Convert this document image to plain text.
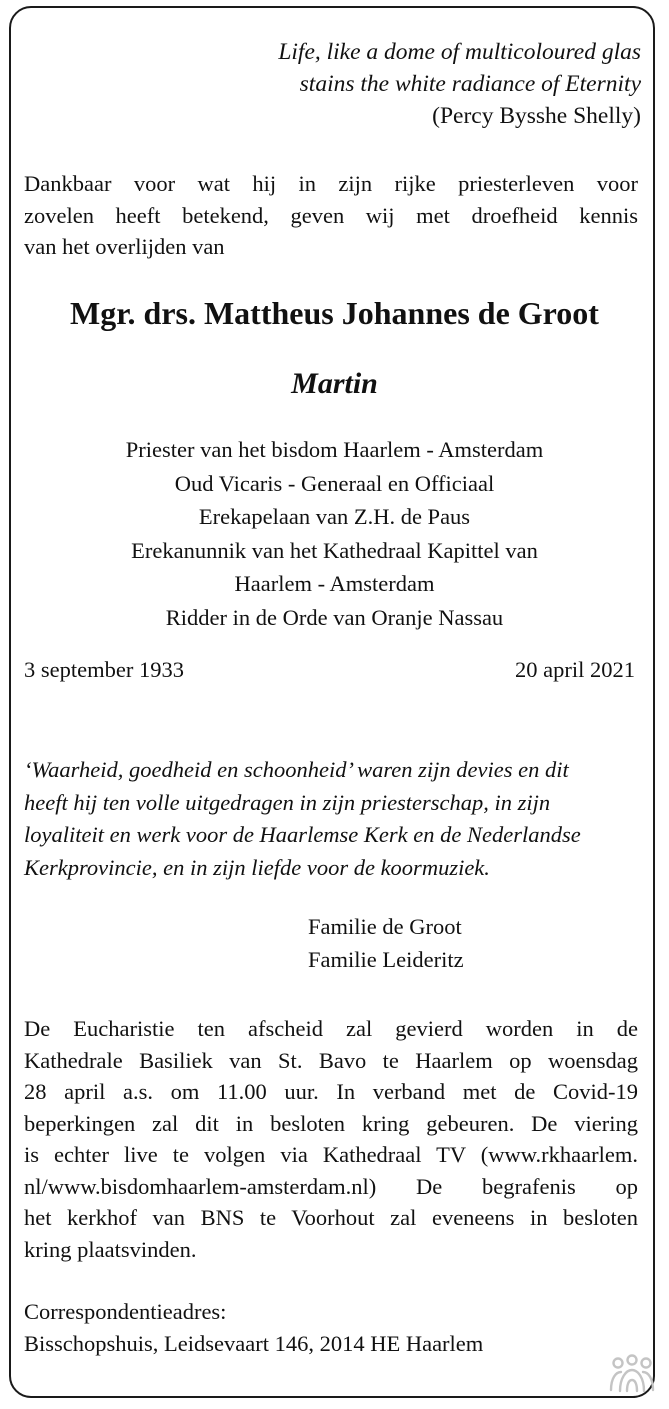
Life, like a dome of multicoloured glas
stains the white radiance of Eternity
(Percy Bysshe Shelly)
Dankbaar voor wat hij in zijn rijke priesterleven voor
zovelen heeft betekend, geven wij met droefheid kennis
van het overlijden van
Mgr. drs. Mattheus Johannes de Groot
Martin
Priester van het bisdom Haarlem - Amsterdam
Oud Vicaris - Generaal en Officiaal
Erekapelaan van Z.H. de Paus
Erekanunnik van het Kathedraal Kapittel van
Haarlem - Amsterdam
Ridder in de Orde van Oranje Nassau
3 september 1933	20 april 2021
‘Waarheid, goedheid en schoonheid’ waren zijn devies en dit
heeft hij ten volle uitgedragen in zijn priesterschap, in zijn
loyaliteit en werk voor de Haarlemse Kerk en de Nederlandse
Kerkprovincie, en in zijn liefde voor de koormuziek.
Familie de Groot
Familie Leideritz
De Eucharistie ten afscheid zal gevierd worden in de
Kathedrale Basiliek van St. Bavo te Haarlem op woensdag
28 april a.s. om 11.00 uur. In verband met de Covid-19
beperkingen zal dit in besloten kring gebeuren. De viering
is echter live te volgen via Kathedraal TV (www.rkhaarlem.
nl/www.bisdomhaarlem-amsterdam.nl) De begrafenis op
het kerkhof van BNS te Voorhout zal eveneens in besloten
kring plaatsvinden.
Correspondentieadres:
Bisschopshuis, Leidsevaart 146, 2014 HE Haarlem
